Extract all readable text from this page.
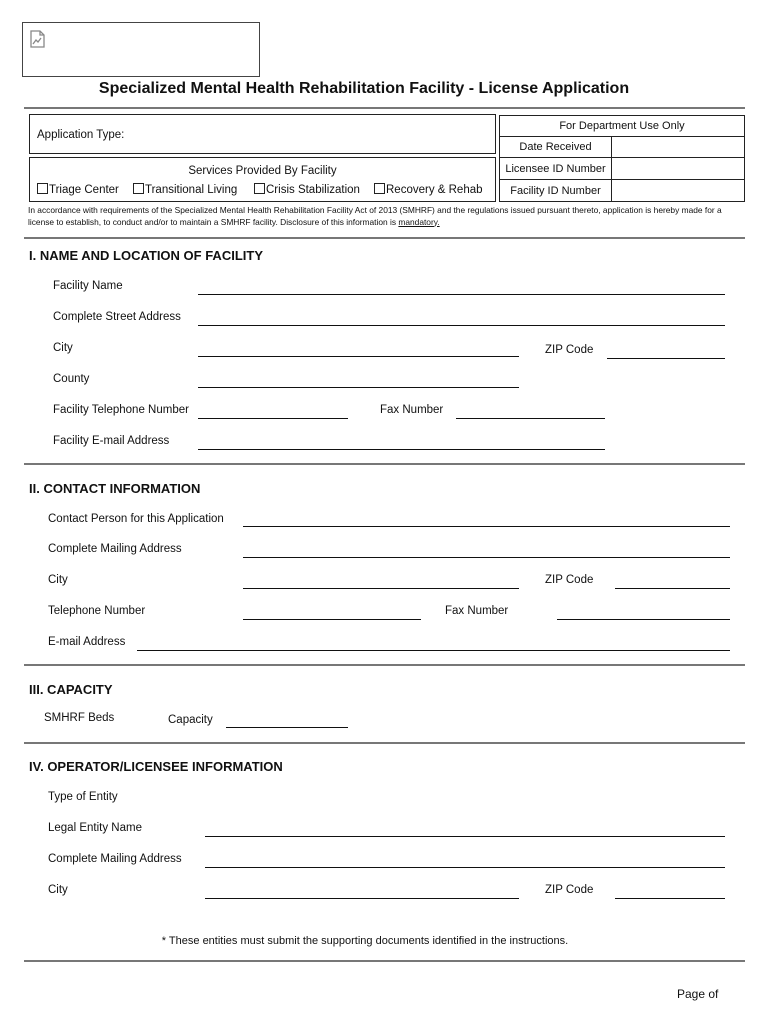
Specialized Mental Health Rehabilitation Facility - License Application
Application Type:
Services Provided By Facility
Triage Center	Transitional Living	Crisis Stabilization	Recovery & Rehab
For Department Use Only
Date Received
Licensee ID Number
Facility ID Number
In accordance with requirements of the Specialized Mental Health Rehabilitation Facility Act of 2013 (SMHRF) and the regulations issued pursuant thereto, application is hereby made for a license to establish, to conduct and/or to maintain a SMHRF facility. Disclosure of this information is mandatory.
I. NAME AND LOCATION OF FACILITY
Facility Name
Complete Street Address
City	ZIP Code
County
Facility Telephone Number	Fax Number
Facility E-mail Address
II. CONTACT INFORMATION
Contact Person for this Application
Complete Mailing Address
City	ZIP Code
Telephone Number	Fax Number
E-mail Address
III. CAPACITY
SMHRF Beds	Capacity
IV. OPERATOR/LICENSEE INFORMATION
Type of Entity
Legal Entity Name
Complete Mailing Address
City	ZIP Code
* These entities must submit the supporting documents identified in the instructions.
Page of
